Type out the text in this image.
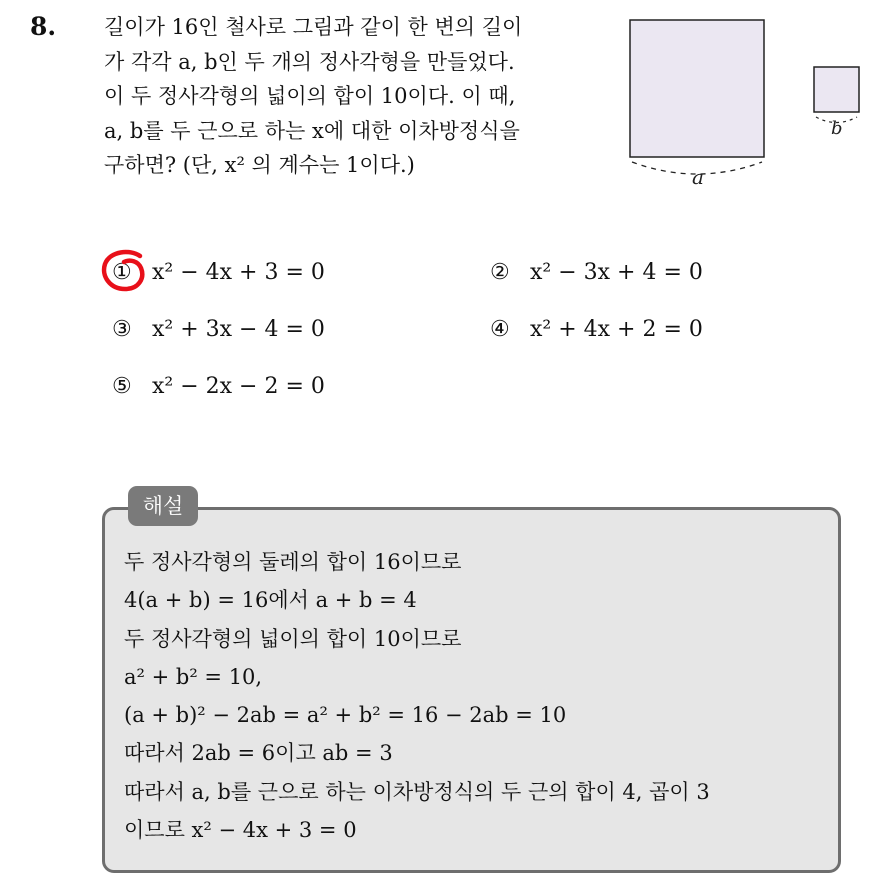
8. 길이가 16인 철사로 그림과 같이 한 변의 길이
가 각각 a, b인 두 개의 정사각형을 만들었다.
이 두 정사각형의 넓이의 합이 10이다. 이 때,
a, b를 두 근으로 하는 x에 대한 이차방정식을
구하면? (단, x² 의 계수는 1이다.)	a
b
① x² − 4x + 3 = 0	② x² − 3x + 4 = 0
③ x² + 3x − 4 = 0	④ x² + 4x + 2 = 0
⑤ x² − 2x − 2 = 0
해설
두 정사각형의 둘레의 합이 16이므로
4(a + b) = 16에서 a + b = 4
두 정사각형의 넓이의 합이 10이므로
a² + b² = 10,
(a + b)² − 2ab = a² + b² = 16 − 2ab = 10
따라서 2ab = 6이고 ab = 3
따라서 a, b를 근으로 하는 이차방정식의 두 근의 합이 4, 곱이 3
이므로 x² − 4x + 3 = 0
